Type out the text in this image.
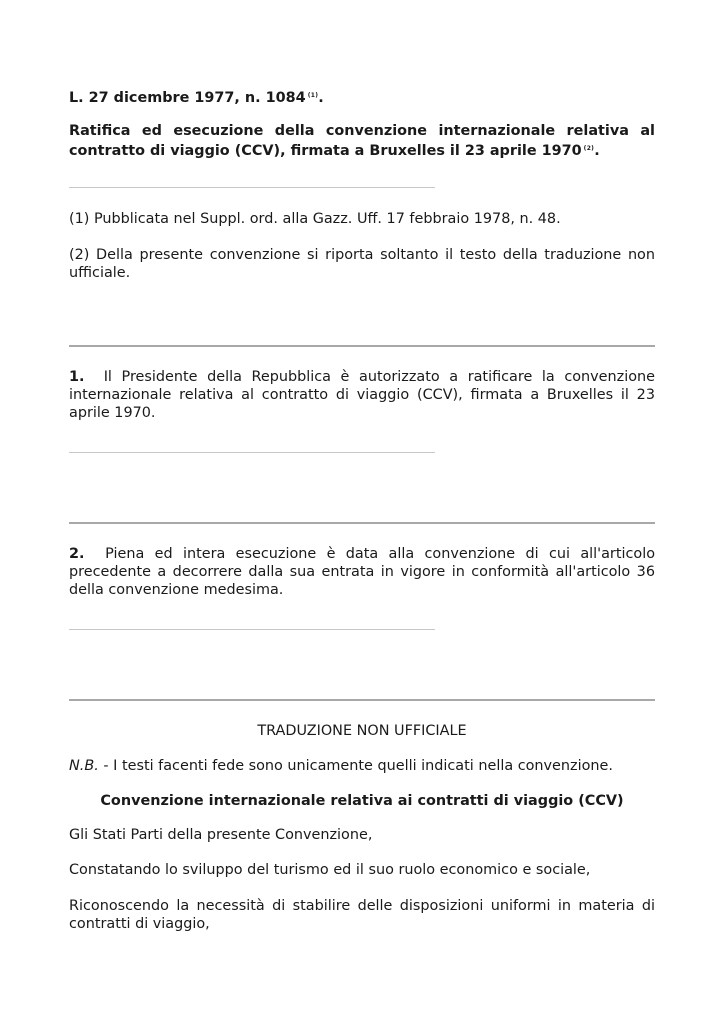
L. 27 dicembre 1977, n. 1084 $^{(1)}$.
Ratifica ed esecuzione della convenzione internazionale relativa al contratto di viaggio (CCV), firmata a Bruxelles il 23 aprile 1970 $^{(2)}$.
(1) Pubblicata nel Suppl. ord. alla Gazz. Uff. 17 febbraio 1978, n. 48.
(2) Della presente convenzione si riporta soltanto il testo della traduzione non ufficiale.
1. Il Presidente della Repubblica è autorizzato a ratificare la convenzione internazionale relativa al contratto di viaggio (CCV), firmata a Bruxelles il 23 aprile 1970.
2. Piena ed intera esecuzione è data alla convenzione di cui all'articolo precedente a decorrere dalla sua entrata in vigore in conformità all'articolo 36 della convenzione medesima.
TRADUZIONE NON UFFICIALE
N.B. - I testi facenti fede sono unicamente quelli indicati nella convenzione.
Convenzione internazionale relativa ai contratti di viaggio (CCV)
Gli Stati Parti della presente Convenzione,
Constatando lo sviluppo del turismo ed il suo ruolo economico e sociale,
Riconoscendo la necessità di stabilire delle disposizioni uniformi in materia di contratti di viaggio,
